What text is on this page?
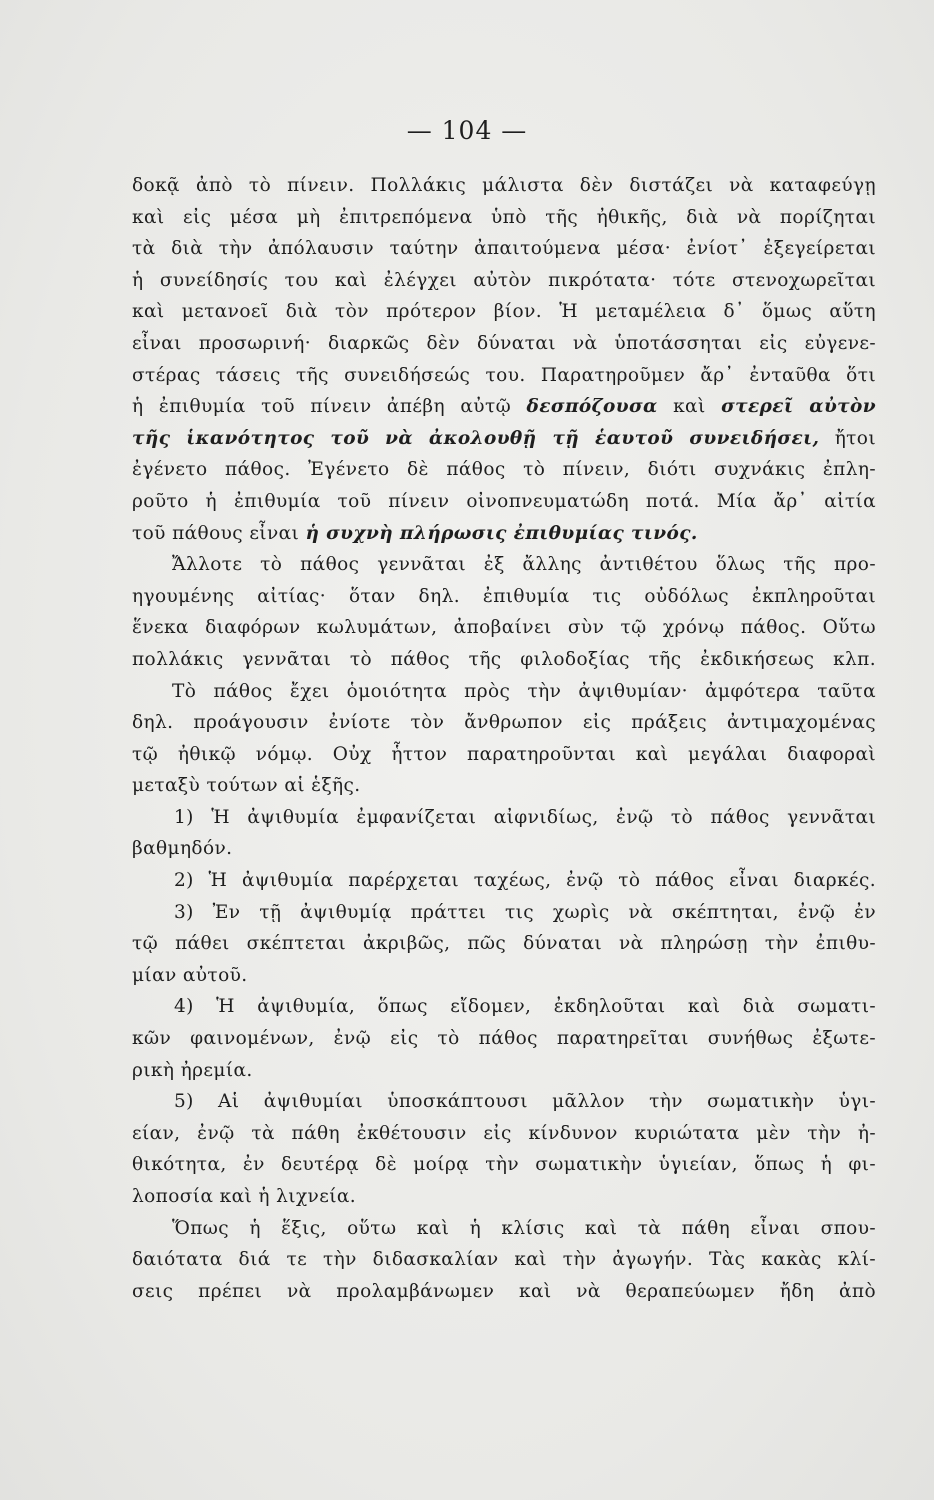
— 104 —
δοκᾷ ἀπὸ τὸ πίνειν. Πολλάκις μάλιστα δὲν διστάζει νὰ καταφεύγῃ
καὶ εἰς μέσα μὴ ἐπιτρεπόμενα ὑπὸ τῆς ἠθικῆς, διὰ νὰ πορίζηται
τὰ διὰ τὴν ἀπόλαυσιν ταύτην ἀπαιτούμενα μέσα· ἐνίοτ᾽ ἐξεγείρεται
ἡ συνείδησίς του καὶ ἐλέγχει αὐτὸν πικρότατα· τότε στενοχωρεῖται
καὶ μετανοεῖ διὰ τὸν πρότερον βίον. Ἡ μεταμέλεια δ᾽ ὅμως αὕτη
εἶναι προσωρινή· διαρκῶς δὲν δύναται νὰ ὑποτάσσηται εἰς εὐγενε-
στέρας τάσεις τῆς συνειδήσεώς του. Παρατηροῦμεν ἄρ᾽ ἐνταῦθα ὅτι
ἡ ἐπιθυμία τοῦ πίνειν ἀπέβη αὐτῷ δεσπόζουσα καὶ στερεῖ αὐτὸν
τῆς ἱκανότητος τοῦ νὰ ἀκολουθῇ τῇ ἑαυτοῦ συνειδήσει, ἤτοι
ἐγένετο πάθος. Ἐγένετο δὲ πάθος τὸ πίνειν, διότι συχνάκις ἐπλη-
ροῦτο ἡ ἐπιθυμία τοῦ πίνειν οἰνοπνευματώδη ποτά. Μία ἄρ᾽ αἰτία
τοῦ πάθους εἶναι ἡ συχνὴ πλήρωσις ἐπιθυμίας τινός.
Ἄλλοτε τὸ πάθος γεννᾶται ἐξ ἄλλης ἀντιθέτου ὅλως τῆς προ-
ηγουμένης αἰτίας· ὅταν δηλ. ἐπιθυμία τις οὐδόλως ἐκπληροῦται
ἕνεκα διαφόρων κωλυμάτων, ἀποβαίνει σὺν τῷ χρόνῳ πάθος. Οὕτω
πολλάκις γεννᾶται τὸ πάθος τῆς φιλοδοξίας τῆς ἐκδικήσεως κλπ.
Τὸ πάθος ἔχει ὁμοιότητα πρὸς τὴν ἀψιθυμίαν· ἀμφότερα ταῦτα
δηλ. προάγουσιν ἐνίοτε τὸν ἄνθρωπον εἰς πράξεις ἀντιμαχομένας
τῷ ἠθικῷ νόμῳ. Οὐχ ἧττον παρατηροῦνται καὶ μεγάλαι διαφοραὶ
μεταξὺ τούτων αἱ ἑξῆς.
1) Ἡ ἀψιθυμία ἐμφανίζεται αἰφνιδίως, ἐνῷ τὸ πάθος γεννᾶται
βαθμηδόν.
2) Ἡ ἀψιθυμία παρέρχεται ταχέως, ἐνῷ τὸ πάθος εἶναι διαρκές.
3) Ἐν τῇ ἀψιθυμίᾳ πράττει τις χωρὶς νὰ σκέπτηται, ἐνῷ ἐν
τῷ πάθει σκέπτεται ἀκριβῶς, πῶς δύναται νὰ πληρώσῃ τὴν ἐπιθυ-
μίαν αὐτοῦ.
4) Ἡ ἀψιθυμία, ὅπως εἴδομεν, ἐκδηλοῦται καὶ διὰ σωματι-
κῶν φαινομένων, ἐνῷ εἰς τὸ πάθος παρατηρεῖται συνήθως ἐξωτε-
ρικὴ ἠρεμία.
5) Αἱ ἀψιθυμίαι ὑποσκάπτουσι μᾶλλον τὴν σωματικὴν ὑγι-
είαν, ἐνῷ τὰ πάθη ἐκθέτουσιν εἰς κίνδυνον κυριώτατα μὲν τὴν ἠ-
θικότητα, ἐν δευτέρᾳ δὲ μοίρᾳ τὴν σωματικὴν ὑγιείαν, ὅπως ἡ φι-
λοποσία καὶ ἡ λιχνεία.
Ὅπως ἡ ἕξις, οὕτω καὶ ἡ κλίσις καὶ τὰ πάθη εἶναι σπου-
δαιότατα διά τε τὴν διδασκαλίαν καὶ τὴν ἀγωγήν. Τὰς κακὰς κλί-
σεις πρέπει νὰ προλαμβάνωμεν καὶ νὰ θεραπεύωμεν ἤδη ἀπὸ
